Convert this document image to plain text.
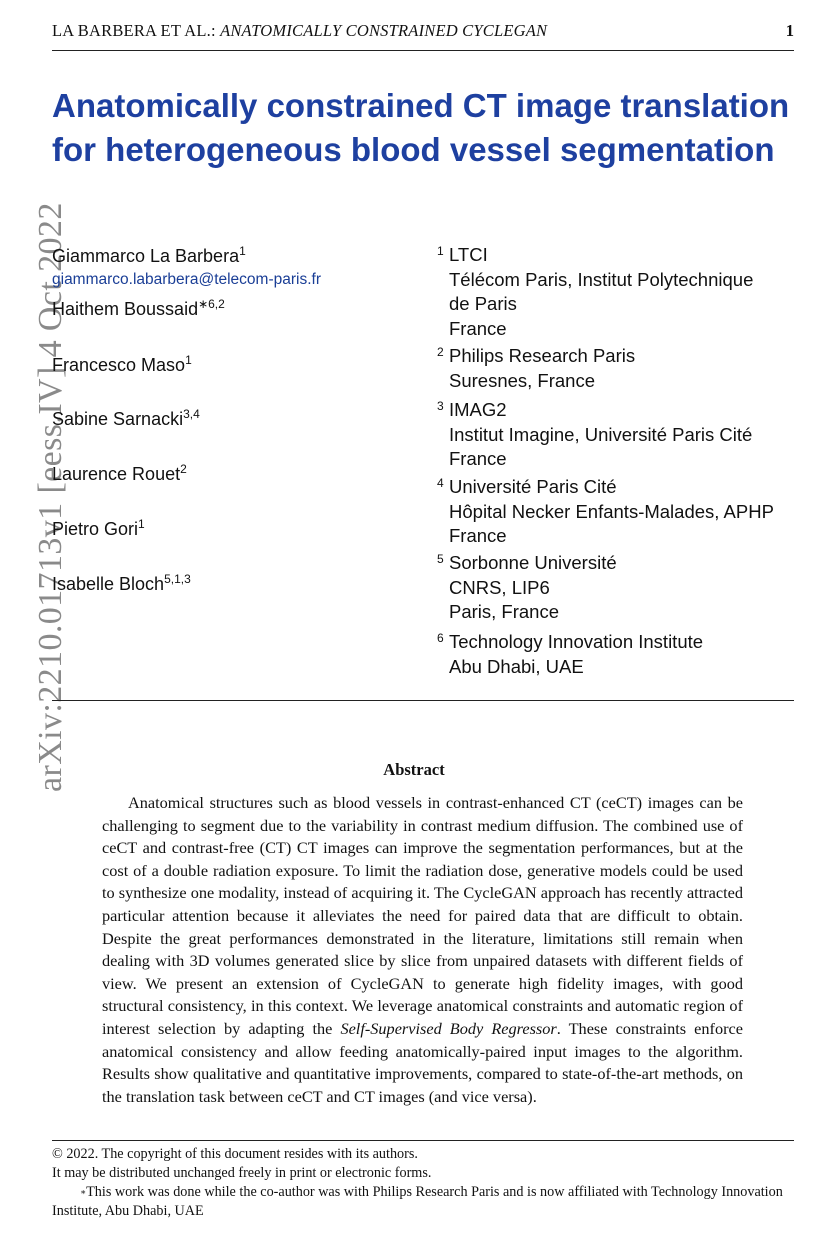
LA BARBERA ET AL.: ANATOMICALLY CONSTRAINED CYCLEGAN	1
arXiv:2210.01713v1 [eess.IV] 4 Oct 2022
Anatomically constrained CT image translation for heterogeneous blood vessel segmentation
Giammarco La Barbera$^1$
giammarco.labarbera@telecom-paris.fr
Haithem Boussaid$^{∗6,2}$
Francesco Maso$^1$
Sabine Sarnacki$^{3,4}$
Laurence Rouet$^2$
Pietro Gori$^1$
Isabelle Bloch$^{5,1,3}$
1 LTCI
Télécom Paris, Institut Polytechnique
de Paris
France
2 Philips Research Paris
Suresnes, France
3 IMAG2
Institut Imagine, Université Paris Cité
France
4 Université Paris Cité
Hôpital Necker Enfants-Malades, APHP
France
5 Sorbonne Université
CNRS, LIP6
Paris, France
6 Technology Innovation Institute
Abu Dhabi, UAE
Abstract

Anatomical structures such as blood vessels in contrast-enhanced CT (ceCT) images can be challenging to segment due to the variability in contrast medium diffusion. The combined use of ceCT and contrast-free (CT) CT images can improve the segmentation performances, but at the cost of a double radiation exposure. To limit the radiation dose, generative models could be used to synthesize one modality, instead of acquiring it. The CycleGAN approach has recently attracted particular attention because it alleviates the need for paired data that are difficult to obtain. Despite the great performances demonstrated in the literature, limitations still remain when dealing with 3D volumes generated slice by slice from unpaired datasets with different fields of view. We present an extension of CycleGAN to generate high fidelity images, with good structural consistency, in this context. We leverage anatomical constraints and automatic region of interest selection by adapting the Self-Supervised Body Regressor. These constraints enforce anatomical consistency and allow feeding anatomically-paired input images to the algorithm. Results show qualitative and quantitative improvements, compared to state-of-the-art methods, on the translation task between ceCT and CT images (and vice versa).

© 2022. The copyright of this document resides with its authors.
It may be distributed unchanged freely in print or electronic forms.
∗This work was done while the co-author was with Philips Research Paris and is now affiliated with Technology Innovation Institute, Abu Dhabi, UAE
